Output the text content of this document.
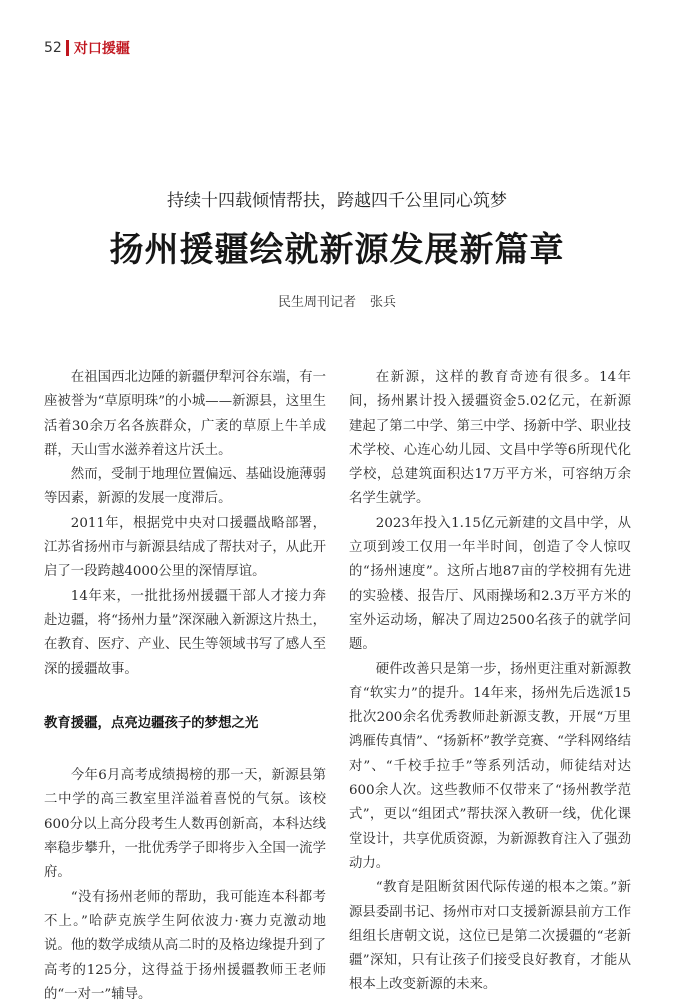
52 对口援疆
持续十四载倾情帮扶，跨越四千公里同心筑梦
扬州援疆绘就新源发展新篇章
民生周刊记者 张兵

在祖国西北边陲的新疆伊犁河谷东端，有一座被誉为“草原明珠”的小城——新源县，这里生活着30余万名各族群众，广袤的草原上牛羊成群，天山雪水滋养着这片沃土。

然而，受制于地理位置偏远、基础设施薄弱等因素，新源的发展一度滞后。

2011年，根据党中央对口援疆战略部署，江苏省扬州市与新源县结成了帮扶对子，从此开启了一段跨越4000公里的深情厚谊。

14年来，一批批扬州援疆干部人才接力奔赴边疆，将“扬州力量”深深融入新源这片热土，在教育、医疗、产业、民生等领域书写了感人至深的援疆故事。

教育援疆，点亮边疆孩子的梦想之光

今年6月高考成绩揭榜的那一天，新源县第二中学的高三教室里洋溢着喜悦的气氛。该校600分以上高分段考生人数再创新高，本科达线率稳步攀升，一批优秀学子即将步入全国一流学府。

“没有扬州老师的帮助，我可能连本科都考不上。”哈萨克族学生阿依波力·赛力克激动地说。他的数学成绩从高二时的及格边缘提升到了高考的125分，这得益于扬州援疆教师王老师的“一对一”辅导。

在新源，这样的教育奇迹有很多。14年间，扬州累计投入援疆资金5.02亿元，在新源建起了第二中学、第三中学、扬新中学、职业技术学校、心连心幼儿园、文昌中学等6所现代化学校，总建筑面积达17万平方米，可容纳万余名学生就学。

2023年投入1.15亿元新建的文昌中学，从立项到竣工仅用一年半时间，创造了令人惊叹的“扬州速度”。这所占地87亩的学校拥有先进的实验楼、报告厅、风雨操场和2.3万平方米的室外运动场，解决了周边2500名孩子的就学问题。

硬件改善只是第一步，扬州更注重对新源教育“软实力”的提升。14年来，扬州先后选派15批次200余名优秀教师赴新源支教，开展“万里鸿雁传真情”、“扬新杯”教学竞赛、“学科网络结对”、“千校手拉手”等系列活动，师徒结对达600余人次。这些教师不仅带来了“扬州教学范式”，更以“组团式”帮扶深入教研一线，优化课堂设计，共享优质资源，为新源教育注入了强劲动力。

“教育是阻断贫困代际传递的根本之策。”新源县委副书记、扬州市对口支援新源县前方工作组组长唐朝文说，这位已是第二次援疆的“老新疆”深知，只有让孩子们接受良好教育，才能从根本上改变新源的未来。
